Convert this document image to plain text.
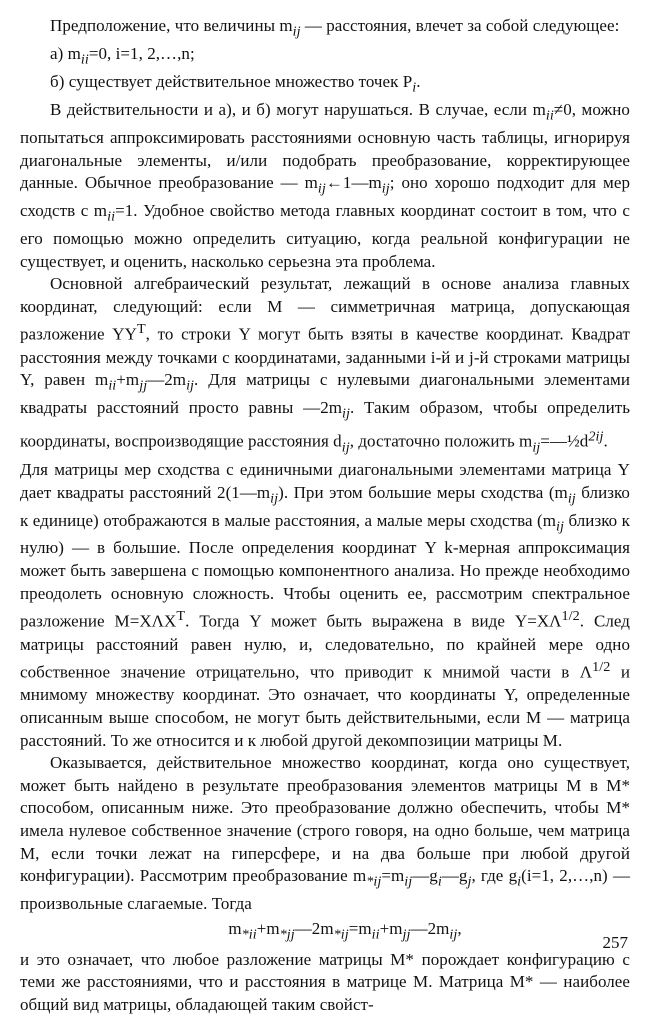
Предположение, что величины $m_{ij}$ — расстояния, влечет за собой следующее:

а) $m_{ii}=0$, i=1, 2,…,n;
б) существует действительное множество точек $P_i$.

В действительности и а), и б) могут нарушаться. В случае, если $m_{ii}\ne 0$, можно попытаться аппроксимировать расстояниями основную часть таблицы, игнорируя диагональные элементы, и/или подобрать преобразование, корректирующее данные. Обычное преобразование — $m_{ij}\leftarrow 1—m_{ij}$; оно хорошо подходит для мер сходств с $m_{ii}=1$. Удобное свойство метода главных координат состоит в том, что с его помощью можно определить ситуацию, когда реальной конфигурации не существует, и оценить, насколько серьезна эта проблема.

Основной алгебраический результат, лежащий в основе анализа главных координат, следующий: если M — симметричная матрица, допускающая разложение $YY^T$, то строки Y могут быть взяты в качестве координат. Квадрат расстояния между точками с координатами, заданными i-й и j-й строками матрицы Y, равен $m_{ii}+m_{jj}—2m_{ij}$. Для матрицы с нулевыми диагональными элементами квадраты расстояний просто равны $—2m_{ij}$. Таким образом, чтобы определить координаты, воспроизводящие расстояния $d_{ij}$, достаточно положить $m_{ij}=—\frac{1}{2}d^{2ij}$.

Для матрицы мер сходства с единичными диагональными элементами матрица Y дает квадраты расстояний $2(1—m_{ij})$. При этом большие меры сходства ($m_{ij}$ близко к единице) отображаются в малые расстояния, а малые меры сходства ($m_{ij}$ близко к нулю) — в большие. После определения координат Y k-мерная аппроксимация может быть завершена с помощью компонентного анализа. Но прежде необходимо преодолеть основную сложность. Чтобы оценить ее, рассмотрим спектральное разложение $M=X\Lambda X^T$. Тогда Y может быть выражена в виде $Y=X\Lambda^{1/2}$. След матрицы расстояний равен нулю, и, следовательно, по крайней мере одно собственное значение отрицательно, что приводит к мнимой части в $\Lambda^{1/2}$ и мнимому множеству координат. Это означает, что координаты Y, определенные описанным выше способом, не могут быть действительными, если M — матрица расстояний. То же относится и к любой другой декомпозиции матрицы M.

Оказывается, действительное множество координат, когда оно существует, может быть найдено в результате преобразования элементов матрицы M в M* способом, описанным ниже. Это преобразование должно обеспечить, чтобы M* имела нулевое собственное значение (строго говоря, на одно больше, чем матрица M, если точки лежат на гиперсфере, и на два больше при любой другой конфигурации). Рассмотрим преобразование $m_{*ij}=m_{ij}—g_i—g_j$, где $g_i(i=1$, 2,…,n) — произвольные слагаемые. Тогда

$m_{*ii}+m_{*jj}—2m_{*ij}=m_{ii}+m_{jj}—2m_{ij}$,

и это означает, что любое разложение матрицы M* порождает конфигурацию с теми же расстояниями, что и расстояния в матрице M. Матрица M* — наиболее общий вид матрицы, обладающей таким свойст-

257
